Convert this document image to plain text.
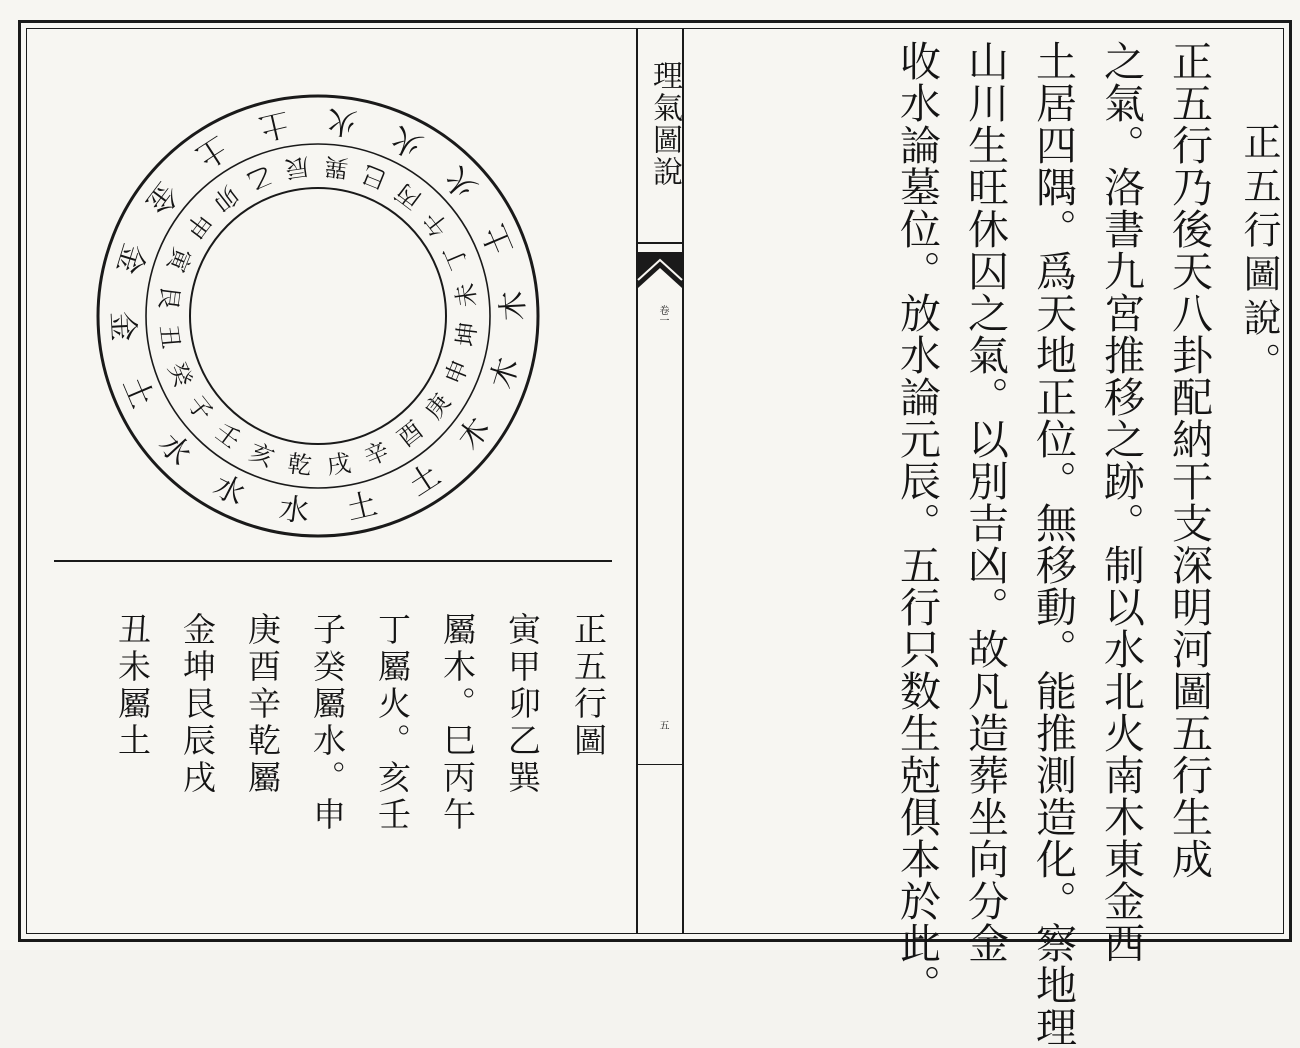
理氣圖說
卷一
五
正五行圖說。
正五行乃後天八卦配納干支深明河圖五行生成
之氣。洛書九宮推移之跡。制以水北火南木東金西
土居四隅。爲天地正位。無移動。能推測造化。察地理
山川生旺休囚之氣。以別吉凶。故凡造葬坐向分金
收水論墓位。放水論元辰。五行只数生尅俱本於此。
水
水
水
土
金
金
金
土
土 火 火
火
土
木
木
木
土
土
乾
亥
壬
子
癸
丑
艮
寅
甲
卯
乙 辰 巽 巳
丙
午
丁
未
坤
申
庚
酉
辛
戌
正五行圖
寅甲卯乙巽
屬木。巳丙午
丁屬火。亥壬
子癸屬水。申
庚酉辛乾屬
金坤艮辰戌
丑未屬土
